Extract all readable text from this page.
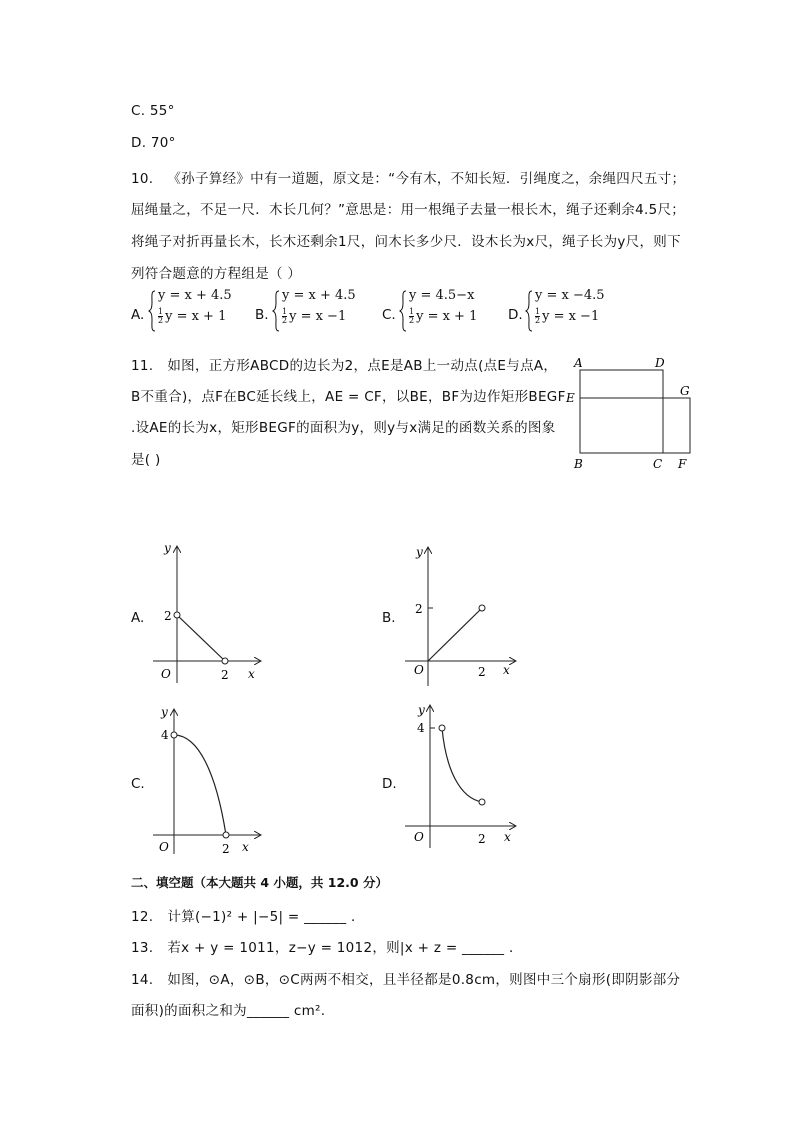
C. 55°
D. 70°
10. 《孙子算经》中有一道题，原文是：“今有木，不知长短．引绳度之，余绳四尺五寸；
屈绳量之，不足一尺．木长几何？”意思是：用一根绳子去量一根长木，绳子还剩余4.5尺；
将绳子对折再量长木，长木还剩余1尺，问木长多少尺．设木长为x尺，绳子长为y尺，则下
列符合题意的方程组是（ ）
A.
y = x + 4.5
$\frac{1}{2}$ y = x + 1 B.
y = x + 4.5
$\frac{1}{2}$ y = x −1	C.
y = 4.5−x
$\frac{1}{2}$ y = x + 1 D.
y = x −4.5
$\frac{1}{2}$ y = x −1
11. 如图，正方形ABCD的边长为2，点E是AB上一动点(点E与点A，
B不重合)，点F在BC延长线上，AE = CF，以BE，BF为边作矩形BEGF
.设AE的长为x，矩形BEGF的面积为y，则y与x满足的函数关系的图象
是( )
A	D
E	G
B	C F
A.
y
x
O	2
2	B.
y
x
O	2
2
C.
y
x
O	2
4
D.
y
x
O	2
4
二、填空题（本大题共 4 小题，共 12.0 分）
12. 计算(−1)² + |−5| = ______ ．
13. 若x + y = 1011，z−y = 1012，则|x + z = ______ ．
14. 如图，⊙A，⊙B，⊙C两两不相交，且半径都是0.8cm，则图中三个扇形(即阴影部分
面积)的面积之和为______ cm².
